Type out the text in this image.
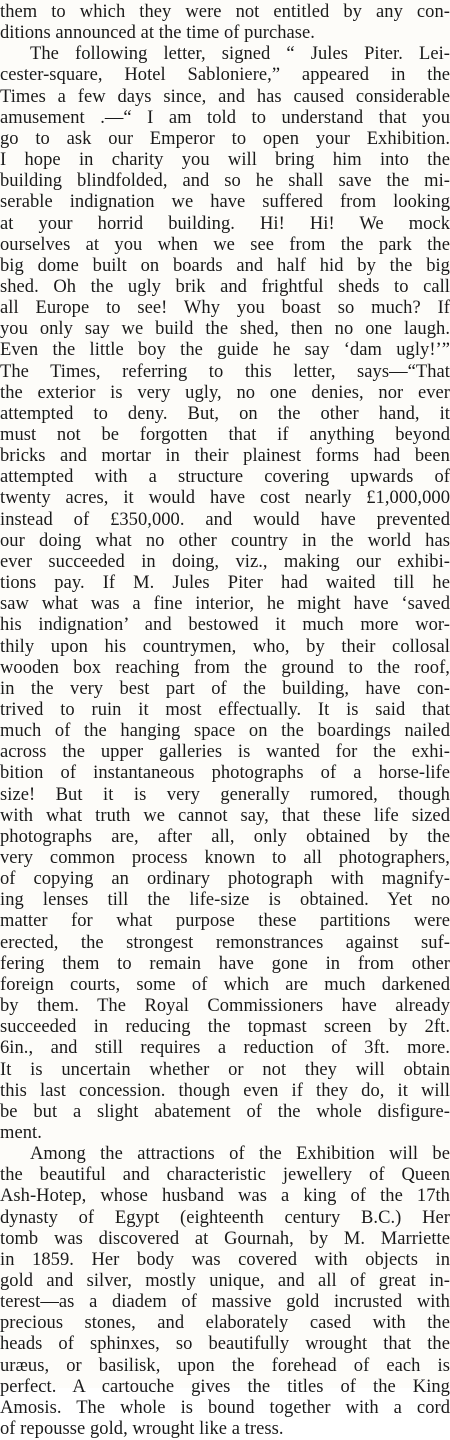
them to which they were not entitled by any con-
ditions announced at the time of purchase.
The following letter, signed “ Jules Piter. Lei-
cester-square, Hotel Sabloniere,” appeared in the
Times a few days since, and has caused considerable
amusement .—“ I am told to understand that you
go to ask our Emperor to open your Exhibition.
I hope in charity you will bring him into the
building blindfolded, and so he shall save the mi-
serable indignation we have suffered from looking
at your horrid building. Hi! Hi! We mock
ourselves at you when we see from the park the
big dome built on boards and half hid by the big
shed. Oh the ugly brik and frightful sheds to call
all Europe to see! Why you boast so much? If
you only say we build the shed, then no one laugh.
Even the little boy the guide he say ‘dam ugly!’”
The Times, referring to this letter, says—“That
the exterior is very ugly, no one denies, nor ever
attempted to deny. But, on the other hand, it
must not be forgotten that if anything beyond
bricks and mortar in their plainest forms had been
attempted with a structure covering upwards of
twenty acres, it would have cost nearly £1,000,000
instead of £350,000. and would have prevented
our doing what no other country in the world has
ever succeeded in doing, viz., making our exhibi-
tions pay. If M. Jules Piter had waited till he
saw what was a fine interior, he might have ‘saved
his indignation’ and bestowed it much more wor-
thily upon his countrymen, who, by their collosal
wooden box reaching from the ground to the roof,
in the very best part of the building, have con-
trived to ruin it most effectually. It is said that
much of the hanging space on the boardings nailed
across the upper galleries is wanted for the exhi-
bition of instantaneous photographs of a horse-life
size! But it is very generally rumored, though
with what truth we cannot say, that these life sized
photographs are, after all, only obtained by the
very common process known to all photographers,
of copying an ordinary photograph with magnify-
ing lenses till the life-size is obtained. Yet no
matter for what purpose these partitions were
erected, the strongest remonstrances against suf-
fering them to remain have gone in from other
foreign courts, some of which are much darkened
by them. The Royal Commissioners have already
succeeded in reducing the topmast screen by 2ft.
6in., and still requires a reduction of 3ft. more.
It is uncertain whether or not they will obtain
this last concession. though even if they do, it will
be but a slight abatement of the whole disfigure-
ment.
Among the attractions of the Exhibition will be
the beautiful and characteristic jewellery of Queen
Ash-Hotep, whose husband was a king of the 17th
dynasty of Egypt (eighteenth century B.C.) Her
tomb was discovered at Gournah, by M. Marriette
in 1859. Her body was covered with objects in
gold and silver, mostly unique, and all of great in-
terest—as a diadem of massive gold incrusted with
precious stones, and elaborately cased with the
heads of sphinxes, so beautifully wrought that the
uræus, or basilisk, upon the forehead of each is
perfect. A cartouche gives the titles of the King
Amosis. The whole is bound together with a cord
of repousse gold, wrought like a tress.
